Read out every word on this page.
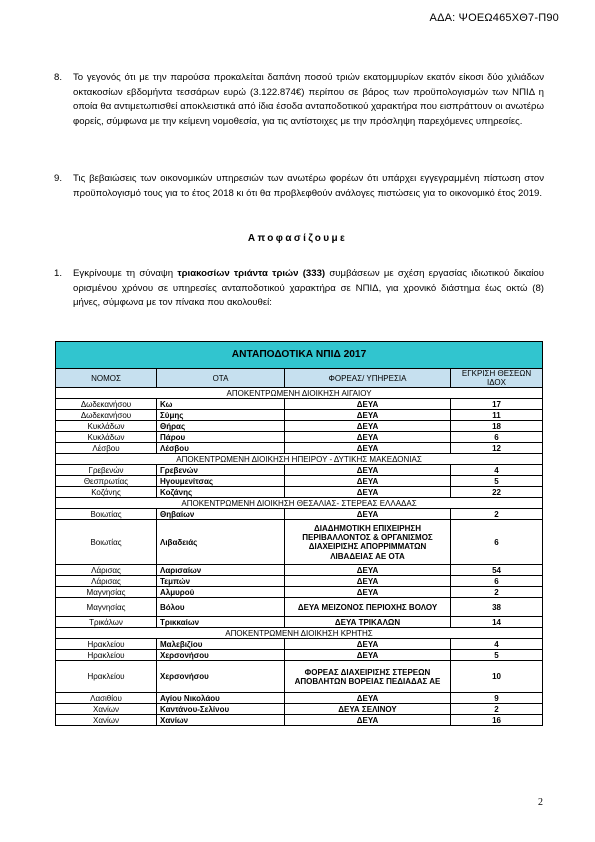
ΑΔΑ: ΨΟΕΩ465ΧΘ7-Π90
8. Το γεγονός ότι με την παρούσα προκαλείται δαπάνη ποσού τριών εκατομμυρίων εκατόν είκοσι δύο χιλιάδων οκτακοσίων εβδομήντα τεσσάρων ευρώ (3.122.874€) περίπου σε βάρος των προϋπολογισμών των ΝΠΙΔ η οποία θα αντιμετωπισθεί αποκλειστικά από ίδια έσοδα ανταποδοτικού χαρακτήρα που εισπράττουν οι ανωτέρω φορείς, σύμφωνα με την κείμενη νομοθεσία, για τις αντίστοιχες με την πρόσληψη παρεχόμενες υπηρεσίες.
9. Τις βεβαιώσεις των οικονομικών υπηρεσιών των ανωτέρω φορέων ότι υπάρχει εγγεγραμμένη πίστωση στον προϋπολογισμό τους για το έτος 2018 κι ότι θα προβλεφθούν ανάλογες πιστώσεις για το οικονομικό έτος 2019.
Αποφασίζουμε
1. Εγκρίνουμε τη σύναψη τριακοσίων τριάντα τριών (333) συμβάσεων με σχέση εργασίας ιδιωτικού δικαίου ορισμένου χρόνου σε υπηρεσίες ανταποδοτικού χαρακτήρα σε ΝΠΙΔ, για χρονικό διάστημα έως οκτώ (8) μήνες, σύμφωνα με τον πίνακα που ακολουθεί:
ΑΝΤΑΠΟΔΟΤΙΚΑ ΝΠΙΔ 2017			
ΝΟΜΟΣ	ΟΤΑ	ΦΟΡΕΑΣ/ ΥΠΗΡΕΣΙΑ	ΕΓΚΡΙΣΗ ΘΕΣΕΩΝ ΙΔΟΧ
ΑΠΟΚΕΝΤΡΩΜΕΝΗ ΔΙΟΙΚΗΣΗ ΑΙΓΑΙΟΥ			
Δωδεκανήσου	Κω	ΔΕΥΑ	17
Δωδεκανήσου	Σύμης	ΔΕΥΑ	11
Κυκλάδων	Θήρας	ΔΕΥΑ	18
Κυκλάδων	Πάρου	ΔΕΥΑ	6
Λέσβου	Λέσβου	ΔΕΥΑ	12
ΑΠΟΚΕΝΤΡΩΜΕΝΗ ΔΙΟΙΚΗΣΗ ΗΠΕΙΡΟΥ - ΔΥΤΙΚΗΣ ΜΑΚΕΔΟΝΙΑΣ			
Γρεβενών	Γρεβενών	ΔΕΥΑ	4
Θεσπρωτίας	Ηγουμενίτσας	ΔΕΥΑ	5
Κοζάνης	Κοζάνης	ΔΕΥΑ	22
ΑΠΟΚΕΝΤΡΩΜΕΝΗ ΔΙΟΙΚΗΣΗ ΘΕΣΑΛΙΑΣ- ΣΤΕΡΕΑΣ ΕΛΛΑΔΑΣ			
Βοιωτίας	Θηβαίων	ΔΕΥΑ	2
Βοιωτίας	Λιβαδειάς	ΔΙΑΔΗΜΟΤΙΚΗ ΕΠΙΧΕΙΡΗΣΗ ΠΕΡΙΒΑΛΛΟΝΤΟΣ & ΟΡΓΑΝΙΣΜΟΣ ΔΙΑΧΕΙΡΙΣΗΣ ΑΠΟΡΡΙΜΜΑΤΩΝ ΛΙΒΑΔΕΙΑΣ ΑΕ ΟΤΑ	6
Λάρισας	Λαρισαίων	ΔΕΥΑ	54
Λάρισας	Τεμπών	ΔΕΥΑ	6
Μαγνησίας	Αλμυρού	ΔΕΥΑ	2
Μαγνησίας	Βόλου	ΔΕΥΑ ΜΕΙΖΟΝΟΣ ΠΕΡΙΟΧΗΣ ΒΟΛΟΥ	38
Τρικάλων	Τρικκαίων	ΔΕΥΑ ΤΡΙΚΑΛΩΝ	14
ΑΠΟΚΕΝΤΡΩΜΕΝΗ ΔΙΟΙΚΗΣΗ ΚΡΗΤΗΣ			
Ηρακλείου	Μαλεβιζίου	ΔΕΥΑ	4
Ηρακλείου	Χερσονήσου	ΔΕΥΑ	5
Ηρακλείου	Χερσονήσου	ΦΟΡΕΑΣ ΔΙΑΧΕΙΡΙΣΗΣ ΣΤΕΡΕΩΝ ΑΠΟΒΛΗΤΩΝ ΒΟΡΕΙΑΣ ΠΕΔΙΑΔΑΣ ΑΕ	10
Λασιθίου	Αγίου Νικολάου	ΔΕΥΑ	9
Χανίων	Καντάνου-Σελίνου	ΔΕΥΑ ΣΕΛΙΝΟΥ	2
Χανίων	Χανίων	ΔΕΥΑ	16
2
